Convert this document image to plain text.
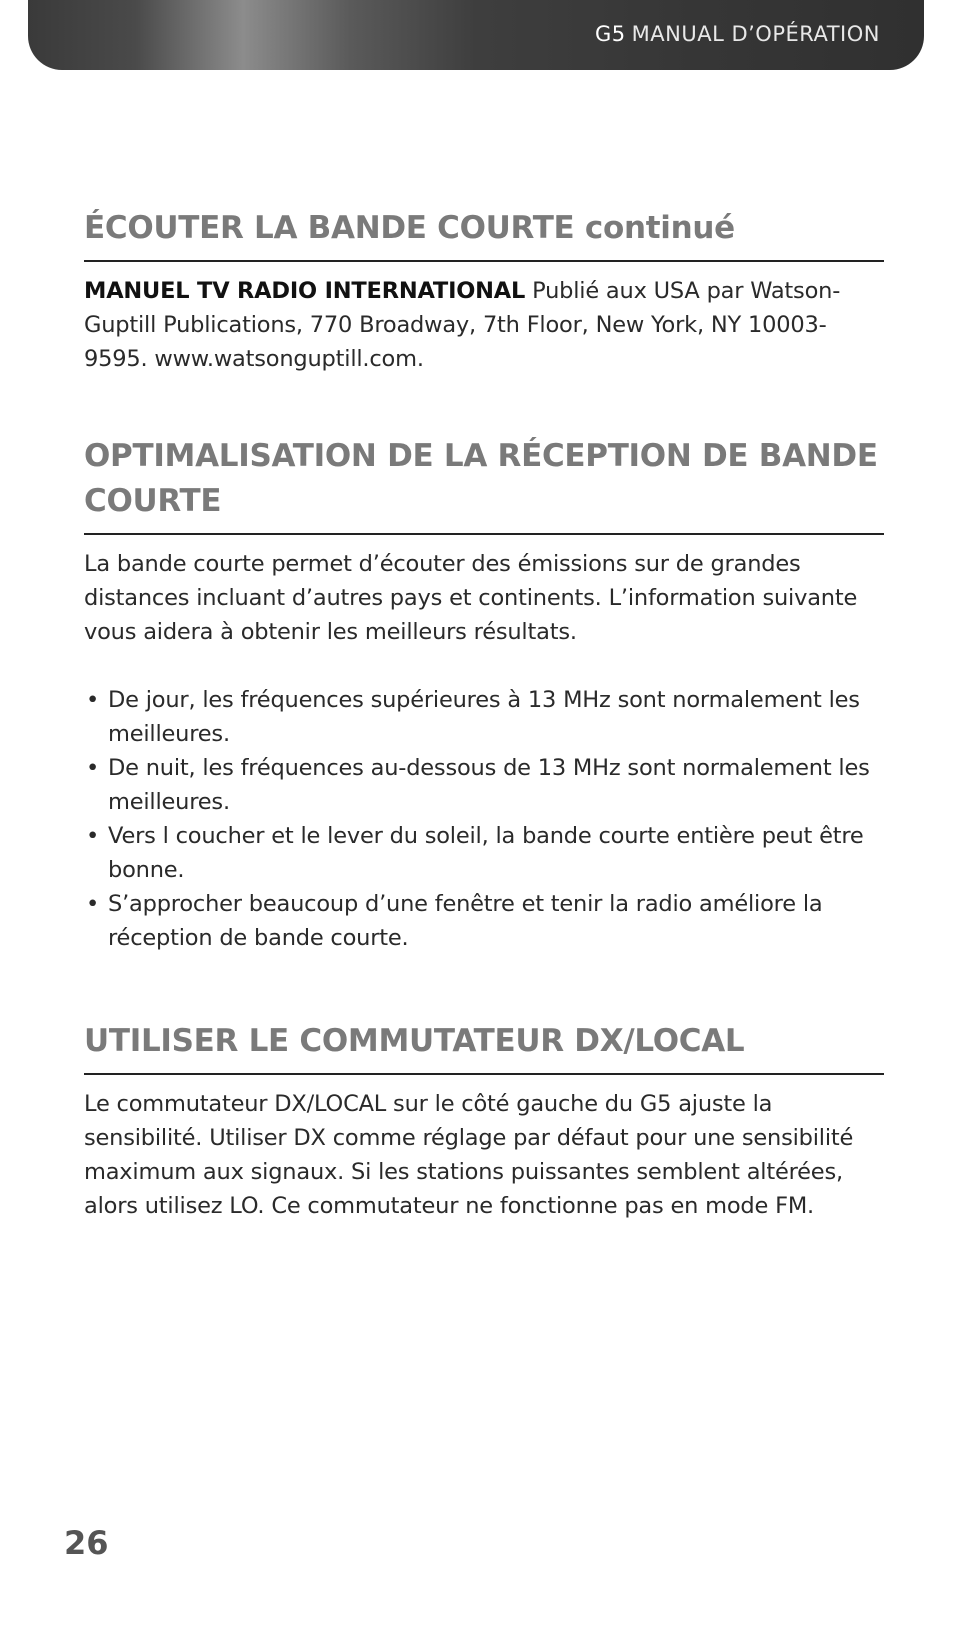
G5 MANUAL D’OPÉRATION
ÉCOUTER LA BANDE COURTE continué

MANUEL TV RADIO INTERNATIONAL Publié aux USA par Watson-Guptill Publications, 770 Broadway, 7th Floor, New York, NY 10003-9595. www.watsonguptill.com.

OPTIMALISATION DE LA RÉCEPTION DE BANDE COURTE

La bande courte permet d’écouter des émissions sur de grandes distances incluant d’autres pays et continents. L’information suivante vous aidera à obtenir les meilleurs résultats.

• De jour, les fréquences supérieures à 13 MHz sont normalement les meilleures.
• De nuit, les fréquences au-dessous de 13 MHz sont normalement les meilleures.
• Vers l coucher et le lever du soleil, la bande courte entière peut être bonne.
• S’approcher beaucoup d’une fenêtre et tenir la radio améliore la réception de bande courte.
UTILISER LE COMMUTATEUR DX/LOCAL

Le commutateur DX/LOCAL sur le côté gauche du G5 ajuste la sensibilité. Utiliser DX comme réglage par défaut pour une sensibilité maximum aux signaux. Si les stations puissantes semblent altérées, alors utilisez LO. Ce commutateur ne fonctionne pas en mode FM.

26
